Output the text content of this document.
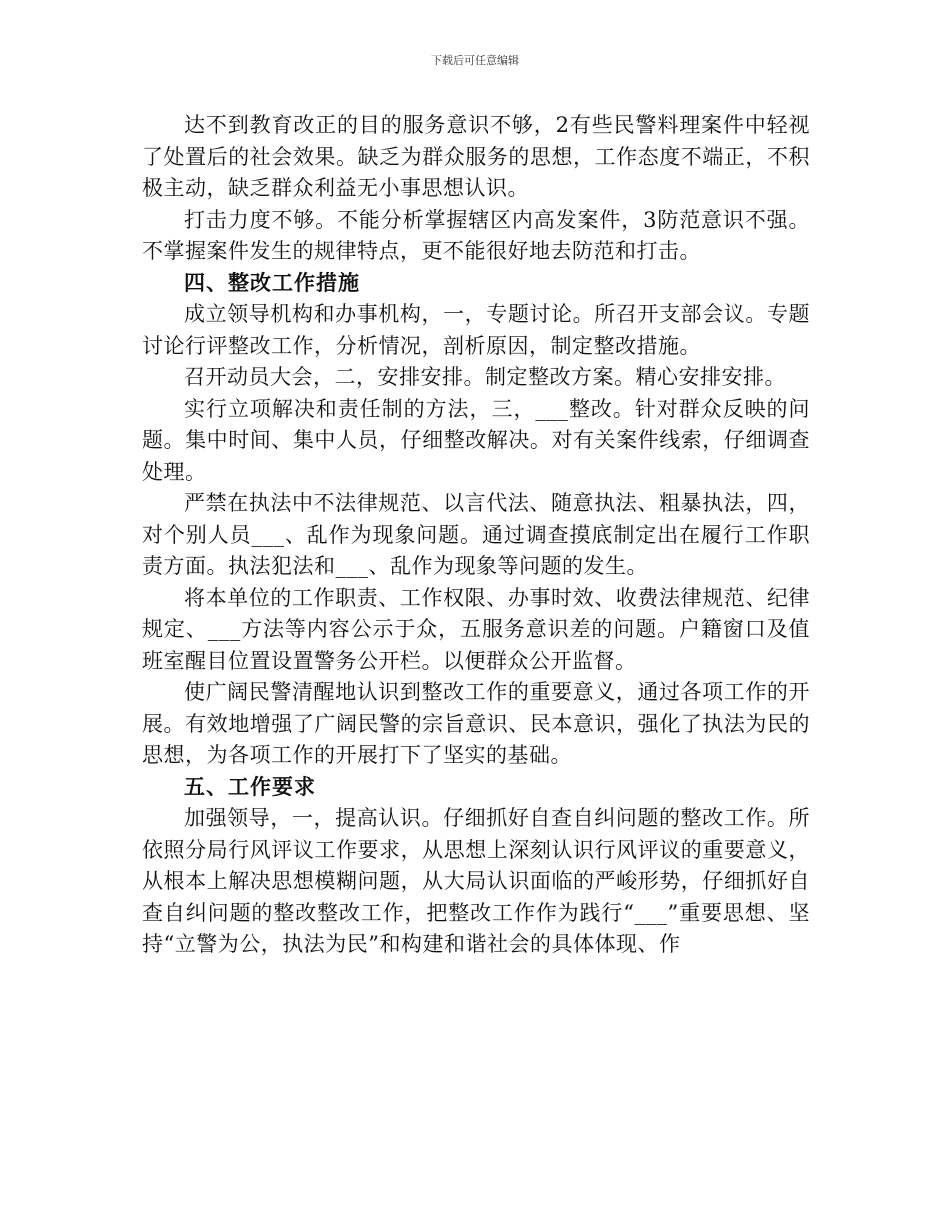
下载后可任意编辑

达不到教育改正的目的服务意识不够，2有些民警料理案件中轻视了处置后的社会效果。缺乏为群众服务的思想，工作态度不端正，不积极主动，缺乏群众利益无小事思想认识。

打击力度不够。不能分析掌握辖区内高发案件，3防范意识不强。不掌握案件发生的规律特点，更不能很好地去防范和打击。

四、整改工作措施

成立领导机构和办事机构，一，专题讨论。所召开支部会议。专题讨论行评整改工作，分析情况，剖析原因，制定整改措施。

召开动员大会，二，安排安排。制定整改方案。精心安排安排。

实行立项解决和责任制的方法，三，___整改。针对群众反映的问题。集中时间、集中人员，仔细整改解决。对有关案件线索，仔细调查处理。

严禁在执法中不法律规范、以言代法、随意执法、粗暴执法，四，对个别人员___、乱作为现象问题。通过调查摸底制定出在履行工作职责方面。执法犯法和___、乱作为现象等问题的发生。

将本单位的工作职责、工作权限、办事时效、收费法律规范、纪律规定、___方法等内容公示于众，五服务意识差的问题。户籍窗口及值班室醒目位置设置警务公开栏。以便群众公开监督。

使广阔民警清醒地认识到整改工作的重要意义，通过各项工作的开展。有效地增强了广阔民警的宗旨意识、民本意识，强化了执法为民的思想，为各项工作的开展打下了坚实的基础。

五、工作要求

加强领导，一，提高认识。仔细抓好自查自纠问题的整改工作。所依照分局行风评议工作要求，从思想上深刻认识行风评议的重要意义，从根本上解决思想模糊问题，从大局认识面临的严峻形势，仔细抓好自查自纠问题的整改整改工作，把整改工作作为践行“___”重要思想、坚持“立警为公，执法为民”和构建和谐社会的具体体现、作
